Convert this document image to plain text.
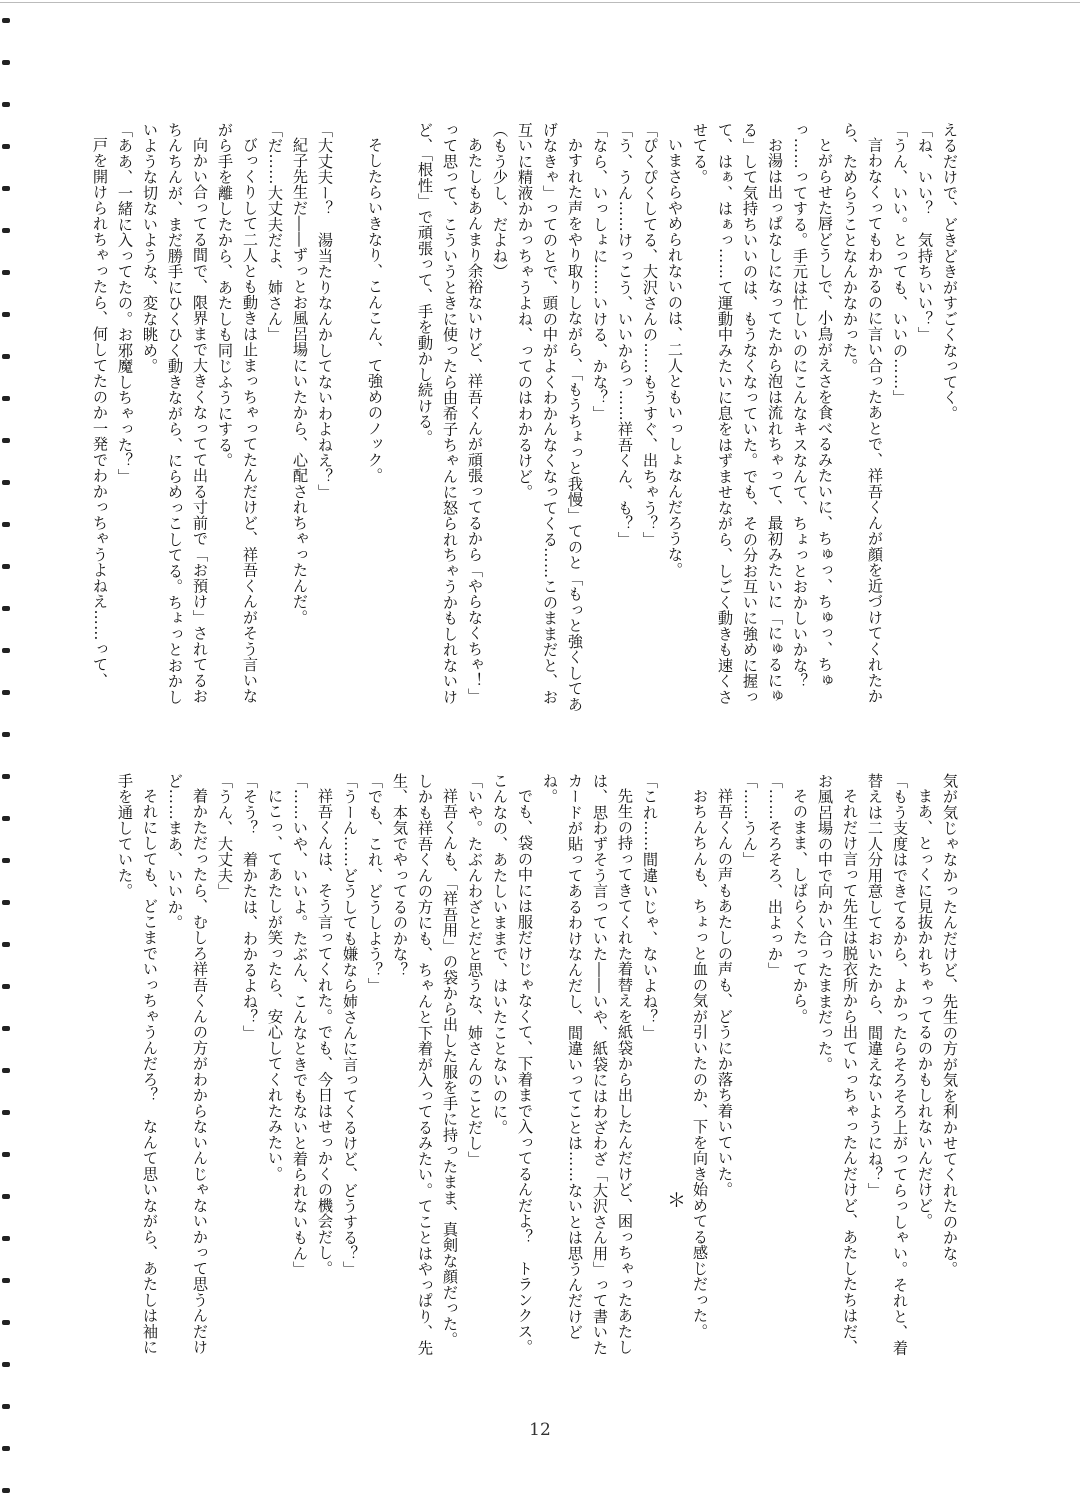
えるだけで、どきどきがすごくなってく。

「ね、いい？　気持ちいい？」

「うん、いい。とっても、いいの……」

言わなくってもわかるのに言い合ったあとで、祥吾くんが顔を近づけてくれたから、ためらうことなんかなかった。

とがらせた唇どうしで、小鳥がえさを食べるみたいに、ちゅっ、ちゅっ、ちゅっ……ってする。手元は忙しいのにこんなキスなんて、ちょっとおかしいかな？

お湯は出っぱなしになってたから泡は流れちゃって、最初みたいに「にゅるにゅる」して気持ちいいのは、もうなくなっていた。でも、その分お互いに強めに握って、はぁ、はぁっ……て運動中みたいに息をはずませながら、しごく動きも速くさせてる。

いまさらやめられないのは、二人ともいっしょなんだろうな。

「ぴくぴくしてる、大沢さんの……もうすぐ、出ちゃう？」

「う、うん……けっこう、いいからっ……祥吾くん、も？」

「なら、いっしょに……いける、かな？」

かすれた声をやり取りしながら、「もうちょっと我慢」てのと「もっと強くしてあげなきゃ」ってのとで、頭の中がよくわかんなくなってくる……このままだと、お互いに精液かかっちゃうよね、ってのはわかるけど。

（もう少し、だよね）

あたしもあんまり余裕ないけど、祥吾くんが頑張ってるから「やらなくちゃ！」って思って、こういうときに使ったら由希子ちゃんに怒られちゃうかもしれないけど、「根性」で頑張って、手を動かし続ける。

そしたらいきなり、こんこん、て強めのノック。

「大丈夫ー？　湯当たりなんかしてないわよねえ？」

紀子先生だ――ずっとお風呂場にいたから、心配されちゃったんだ。

「だ……大丈夫だよ、姉さん」

びっくりして二人とも動きは止まっちゃってたんだけど、祥吾くんがそう言いながら手を離したから、あたしも同じふうにする。

向かい合ってる間で、限界まで大きくなってて出る寸前で「お預け」されてるおちんちんが、まだ勝手にひくひく動きながら、にらめっこしてる。ちょっとおかしいような切ないような、変な眺め。

「ああ、一緒に入ってたの。お邪魔しちゃった？」

戸を開けられちゃったら、何してたのか一発でわかっちゃうよねえ……って、

気が気じゃなかったんだけど、先生の方が気を利かせてくれたのかな。

まあ、とっくに見抜かれちゃってるのかもしれないんだけど。

「もう支度はできてるから、よかったらそろそろ上がってらっしゃい。それと、着替えは二人分用意しておいたから、間違えないようにね？」

それだけ言って先生は脱衣所から出ていっちゃったんだけど、あたしたちはだ、お風呂場の中で向かい合ったままだった。

そのまま、しばらくたってから。

「……そろそろ、出よっか」

「……うん」

祥吾くんの声もあたしの声も、どうにか落ち着いていた。

おちんちんも、ちょっと血の気が引いたのか、下を向き始めてる感じだった。

＊

「これ……間違いじゃ、ないよね？」

先生の持ってきてくれた着替えを紙袋から出したんだけど、困っちゃったあたしは、思わずそう言っていた――いや、紙袋にはわざわざ「大沢さん用」って書いたカードが貼ってあるわけなんだし、間違いってことは……ないとは思うんだけどね。

でも、袋の中には服だけじゃなくて、下着まで入ってるんだよ？　トランクス。こんなの、あたしいままで、はいたことないのに。

「いや。たぶんわざとだと思うな、姉さんのことだし」

祥吾くんも、「祥吾用」の袋から出した服を手に持ったまま、真剣な顔だった。しかも祥吾くんの方にも、ちゃんと下着が入ってるみたい。てことはやっぱり、先生、本気でやってるのかな？

「でも、これ、どうしよう？」

「うーん……どうしても嫌なら姉さんに言ってくるけど、どうする？」

祥吾くんは、そう言ってくれた。でも、今日はせっかくの機会だし。

「……いや、いいよ。たぶん、こんなときでもないと着られないもん」

にこっ、てあたしが笑ったら、安心してくれたみたい。

「そう？　着かたは、わかるよね？」

「うん、大丈夫」

着かただったら、むしろ祥吾くんの方がわからないんじゃないかって思うんだけど……まあ、いいか。

それにしても、どこまでいっちゃうんだろ？　なんて思いながら、あたしは袖に手を通していた。

12
